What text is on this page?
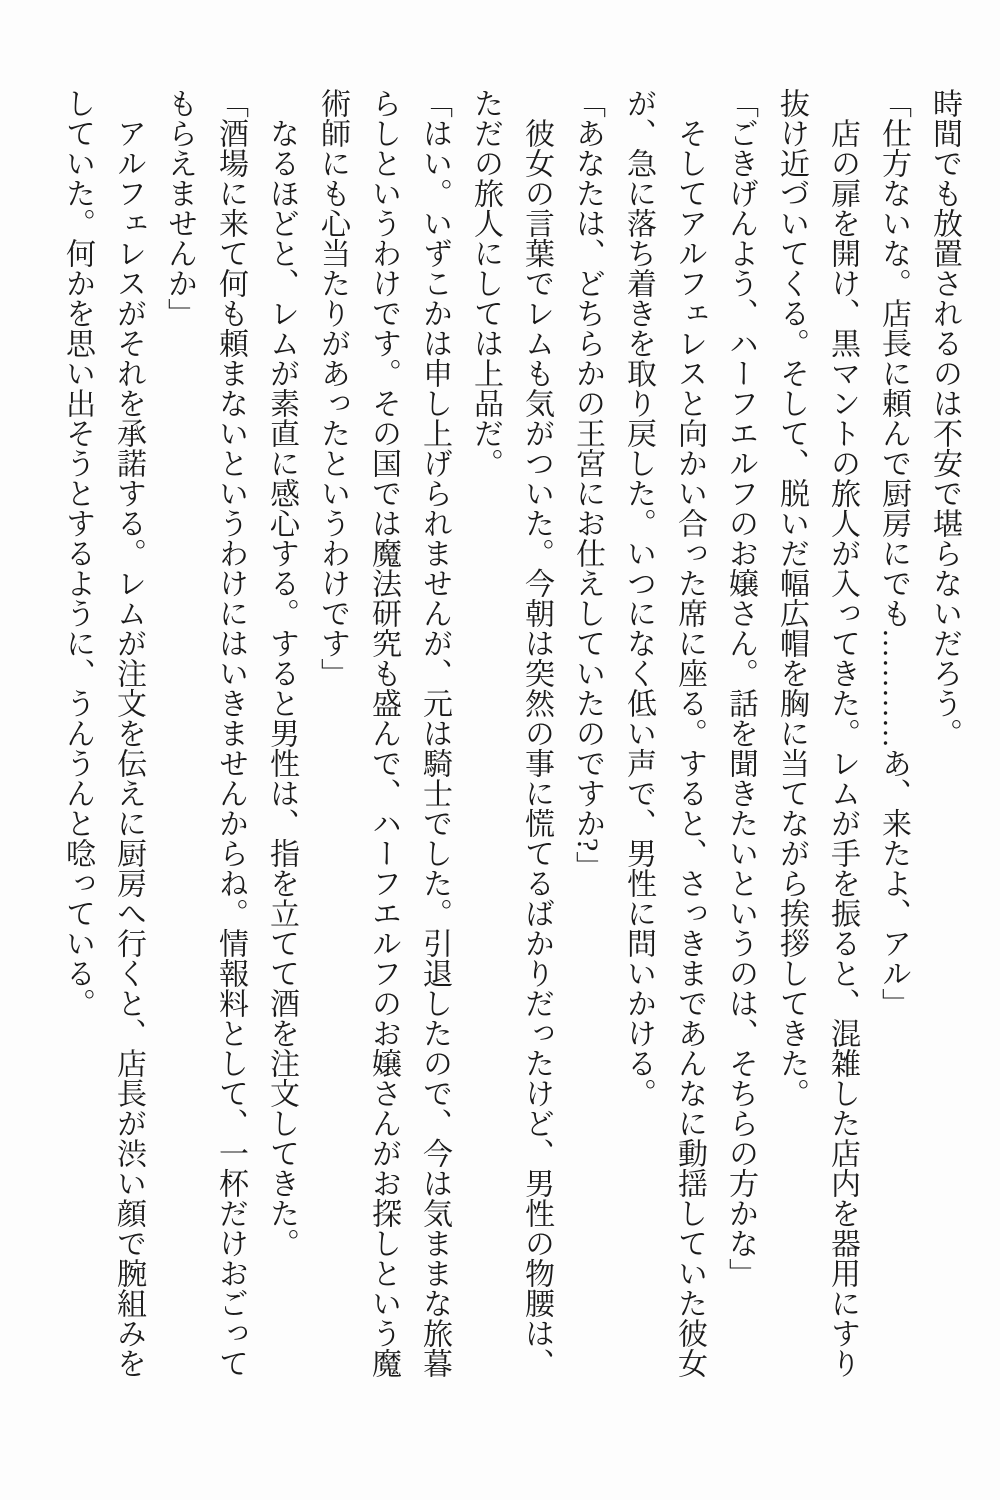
時間でも放置されるのは不安で堪らないだろう。

「仕方ないな。店長に頼んで厨房にでも…………あ、来たよ、アル」

店の扉を開け、黒マントの旅人が入ってきた。レムが手を振ると、混雑した店内を器用にすり抜け近づいてくる。そして、脱いだ幅広帽を胸に当てながら挨拶してきた。

「ごきげんよう、ハーフエルフのお嬢さん。話を聞きたいというのは、そちらの方かな」

そしてアルフェレスと向かい合った席に座る。すると、さっきまであんなに動揺していた彼女が、急に落ち着きを取り戻した。いつになく低い声で、男性に問いかける。

「あなたは、どちらかの王宮にお仕えしていたのですか?」

彼女の言葉でレムも気がついた。今朝は突然の事に慌てるばかりだったけど、男性の物腰は、ただの旅人にしては上品だ。

「はい。いずこかは申し上げられませんが、元は騎士でした。引退したので、今は気ままな旅暮らしというわけです。その国では魔法研究も盛んで、ハーフエルフのお嬢さんがお探しという魔術師にも心当たりがあったというわけです」

なるほどと、レムが素直に感心する。すると男性は、指を立てて酒を注文してきた。

「酒場に来て何も頼まないというわけにはいきませんからね。情報料として、一杯だけおごってもらえませんか」

アルフェレスがそれを承諾する。レムが注文を伝えに厨房へ行くと、店長が渋い顔で腕組みをしていた。何かを思い出そうとするように、うんうんと唸っている。
